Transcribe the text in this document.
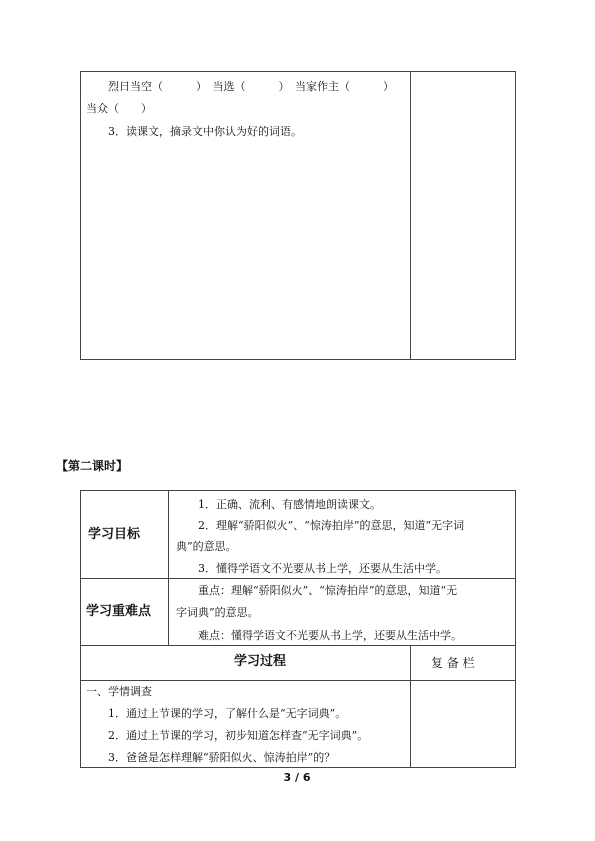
烈日当空（　　　）　当选（　　　）　当家作主（　　　）
当众（　　）
3．读课文，摘录文中你认为好的词语。
【第二课时】
学习目标
1．正确、流利、有感情地朗读课文。
2．理解“骄阳似火”、“惊涛拍岸”的意思，知道“无字词
典”的意思。
3．懂得学语文不光要从书上学，还要从生活中学。
学习重难点
重点：理解“骄阳似火”、“惊涛拍岸”的意思，知道“无
字词典”的意思。
难点：懂得学语文不光要从书上学，还要从生活中学。
学习过程	复 备 栏
一、学情调查
1．通过上节课的学习，了解什么是“无字词典”。
2．通过上节课的学习，初步知道怎样查“无字词典”。
3．爸爸是怎样理解“骄阳似火、惊涛拍岸”的？
3 / 6
